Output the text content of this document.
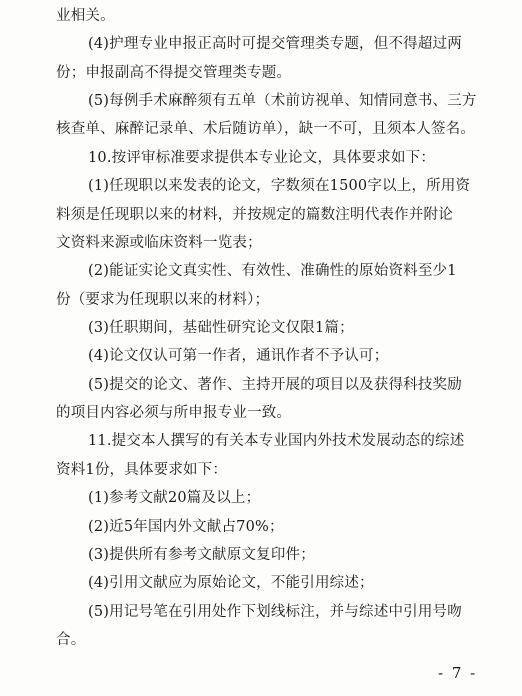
业相关。
(4)护理专业申报正高时可提交管理类专题，但不得超过两
份；申报副高不得提交管理类专题。
(5)每例手术麻醉须有五单（术前访视单、知情同意书、三方
核查单、麻醉记录单、术后随访单），缺一不可，且须本人签名。
10.按评审标准要求提供本专业论文，具体要求如下：
(1)任现职以来发表的论文，字数须在1500字以上，所用资
料须是任现职以来的材料，并按规定的篇数注明代表作并附论
文资料来源或临床资料一览表；
(2)能证实论文真实性、有效性、准确性的原始资料至少1
份（要求为任现职以来的材料）；
(3)任职期间，基础性研究论文仅限1篇；
(4)论文仅认可第一作者，通讯作者不予认可；
(5)提交的论文、著作、主持开展的项目以及获得科技奖励
的项目内容必须与所申报专业一致。
11.提交本人撰写的有关本专业国内外技术发展动态的综述
资料1份，具体要求如下：
(1)参考文献20篇及以上；
(2)近5年国内外文献占70%；
(3)提供所有参考文献原文复印件；
(4)引用文献应为原始论文，不能引用综述；
(5)用记号笔在引用处作下划线标注，并与综述中引用号吻
合。
- 7 -
